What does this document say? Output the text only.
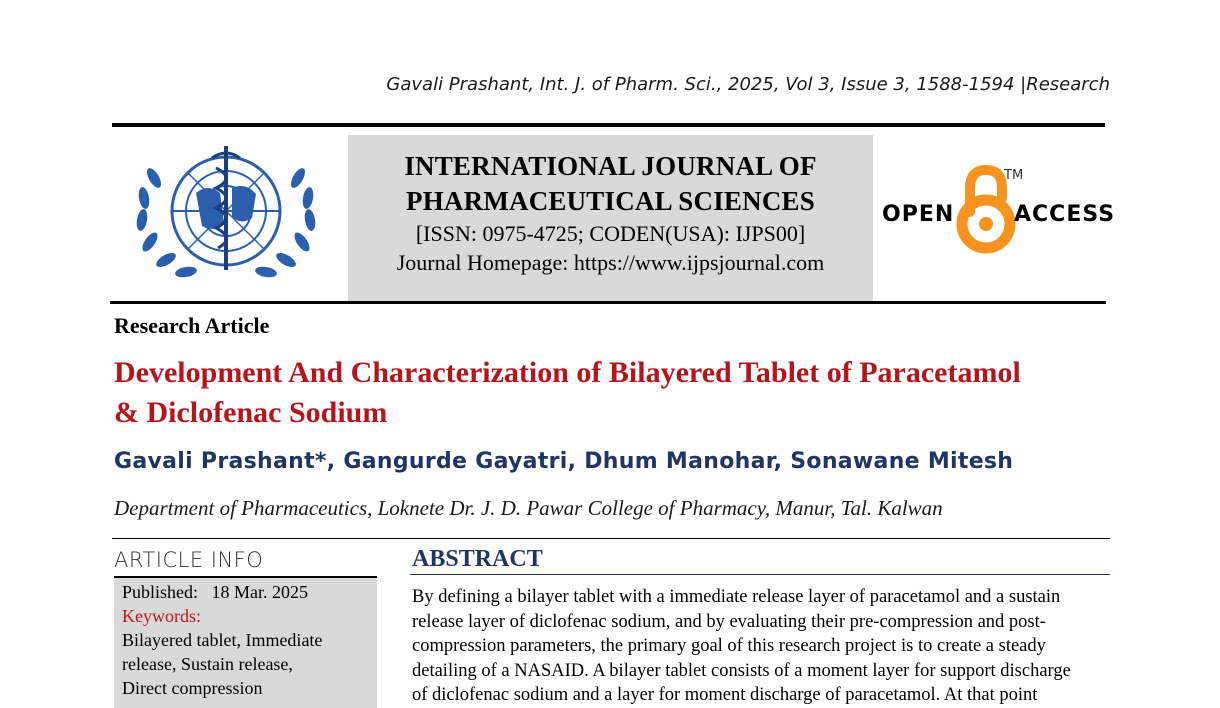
Gavali Prashant, Int. J. of Pharm. Sci., 2025, Vol 3, Issue 3, 1588-1594 |Research
INTERNATIONAL JOURNAL OF
PHARMACEUTICAL SCIENCES
[ISSN: 0975-4725; CODEN(USA): IJPS00]
Journal Homepage: https://www.ijpsjournal.com
OPEN	ACCESS
TM
Research Article
Development And Characterization of Bilayered Tablet of Paracetamol
& Diclofenac Sodium
Gavali Prashant*, Gangurde Gayatri, Dhum Manohar, Sonawane Mitesh
Department of Pharmaceutics, Loknete Dr. J. D. Pawar College of Pharmacy, Manur, Tal. Kalwan
ARTICLE INFO
Published: 18 Mar. 2025
Keywords:
Bilayered tablet, Immediate
release, Sustain release,
Direct compression
ABSTRACT
By defining a bilayer tablet with a immediate release layer of paracetamol and a sustain
release layer of diclofenac sodium, and by evaluating their pre-compression and post-
compression parameters, the primary goal of this research project is to create a steady
detailing of a NASAID. A bilayer tablet consists of a moment layer for support discharge
of diclofenac sodium and a layer for moment discharge of paracetamol. At that point
